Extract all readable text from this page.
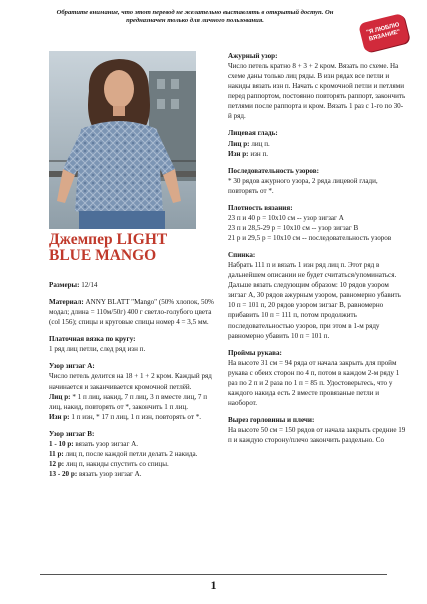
Обратите внимание, что этот перевод не желательно выставлять в открытый доступ. Он предназначен только для личного пользования.
"Я ЛЮБЛЮ ВЯЗАНИЕ"
Джемпер LIGHT
BLUE MANGO

Размеры: 12/14

Материал: ANNY BLATT "Mango" (50% хлопок, 50% модал; длина = 110м/50г) 400 г светло-голубого цвета (col 156); спицы и круговые спицы номер 4 = 3,5 мм.

Платочная вязка по кругу:
1 ряд лиц петли, след ряд изн п.

Узор зигзаг А:
Число петель делится на 18 + 1 + 2 кром. Каждый ряд начинается и заканчивается кромочной петлёй.
Лиц р: * 1 п лиц, накид, 7 п лиц, 3 п вместе лиц, 7 п лиц, накид, повторять от *, закончить 1 п лиц.
Изн р: 1 п изн, * 17 п лиц, 1 п изн, повторять от *.

Узор зигзаг В:
1 - 10 р: вязать узор зигзаг А.
11 р: лиц п, после каждой петли делать 2 накида.
12 р: лиц п, накиды спустить со спицы.
13 - 20 р: вязать узор зигзаг А.

Ажурный узор:
Число петель кратно 8 + 3 + 2 кром. Вязать по схеме. На схеме даны только лиц ряды. В изн рядах все петли и накиды вязать изн п. Начать с кромочной петли и петлями перед раппортом, постоянно повторять раппорт, закончить петлями после раппорта и кром. Вязать 1 раз с 1-го по 30-й ряд.

Лицевая гладь:
Лиц р: лиц п.
Изн р: изн п.

Последовательность узоров:
* 30 рядов ажурного узора, 2 ряда лицевой глади, повторять от *.

Плотность вязания:
23 п и 40 р = 10x10 см -- узор зигзаг А
23 п и 28,5-29 р = 10x10 см -- узор зигзаг В
21 р и 29,5 р = 10x10 см -- последовательность узоров

Спинка:
Набрать 111 п и вязать 1 изн ряд лиц п. Этот ряд в дальнейшем описании не будет считаться/упоминаться. Дальше вязать следующим образом: 10 рядов узором зигзаг А, 30 рядов ажурным узором, равномерно убавить 10 п = 101 п, 20 рядов узором зигзаг В, равномерно прибавить 10 п = 111 п, потом продолжить последовательностью узоров, при этом в 1-м ряду равномерно убавить 10 п = 101 п.

Проймы рукава:
На высоте 31 см = 94 ряда от начала закрыть для пройм рукава с обеих сторон по 4 п, потом в каждом 2-м ряду 1 раз по 2 п и 2 раза по 1 п = 85 п. Удостоверьтесь, что у каждого накида есть 2 вместе провязаные петли и наоборот.

Вырез горловины и плечи:
На высоте 50 см = 150 рядов от начала закрыть средние 19 п и каждую сторону/плечо закончить раздельно. Со

1
